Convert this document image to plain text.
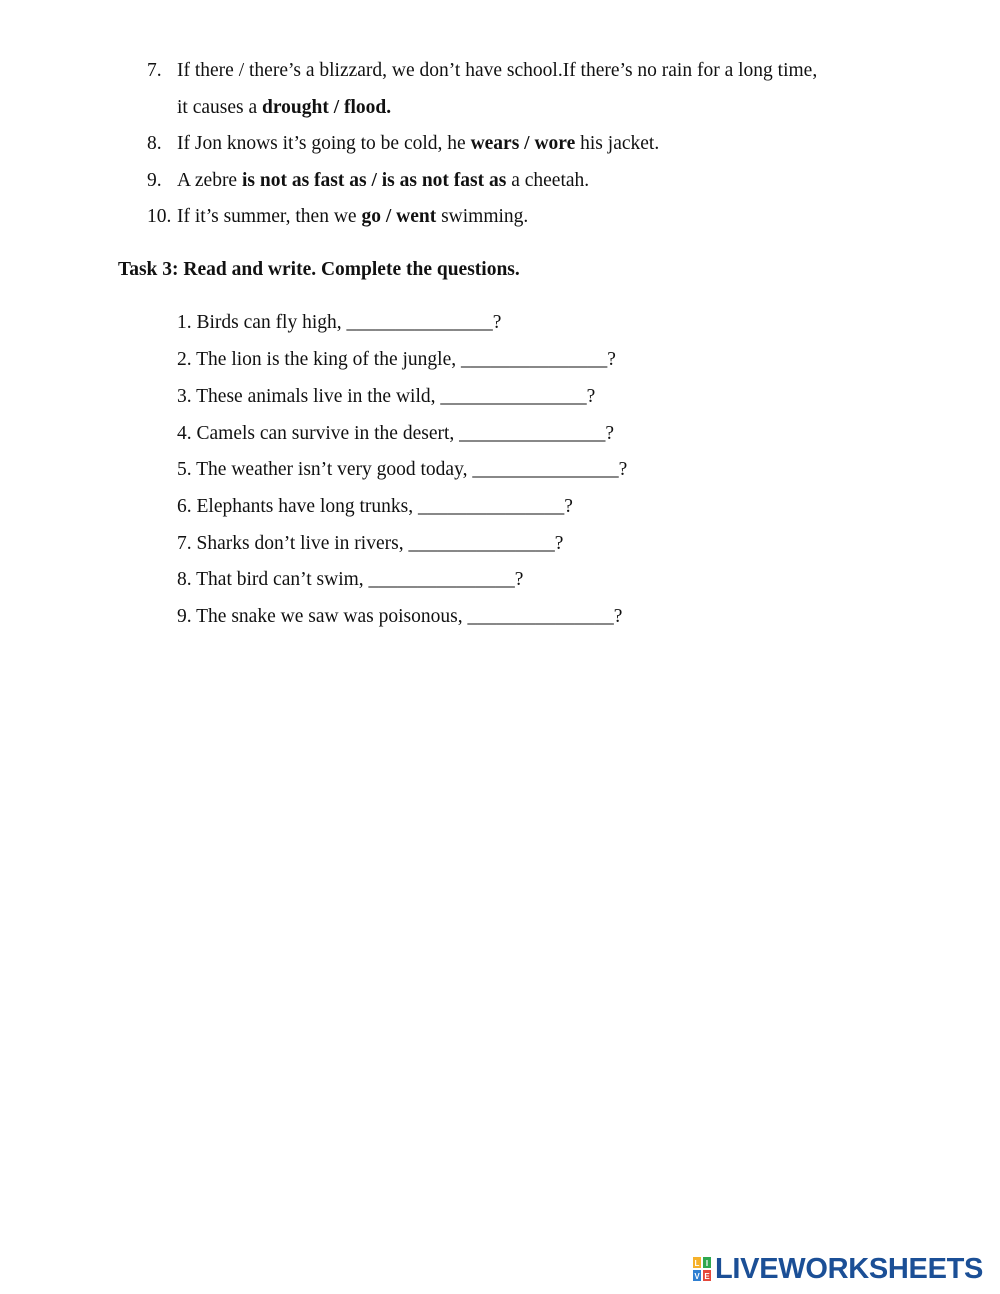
7. If there / there’s a blizzard, we don’t have school.If there’s no rain for a long time,
it causes a drought / flood.
8. If Jon knows it’s going to be cold, he wears / wore his jacket.
9. A zebre is not as fast as / is as not fast as a cheetah.
10. If it’s summer, then we go / went swimming.
Task 3: Read and write. Complete the questions.
1. Birds can fly high, _______________?
2. The lion is the king of the jungle, _______________?
3. These animals live in the wild, _______________?
4. Camels can survive in the desert, _______________?
5. The weather isn’t very good today, _______________?
6. Elephants have long trunks, _______________?
7. Sharks don’t live in rivers, _______________?
8. That bird can’t swim, _______________?
9. The snake we saw was poisonous, _______________?
L I
V E LIVEWORKSHEETS
